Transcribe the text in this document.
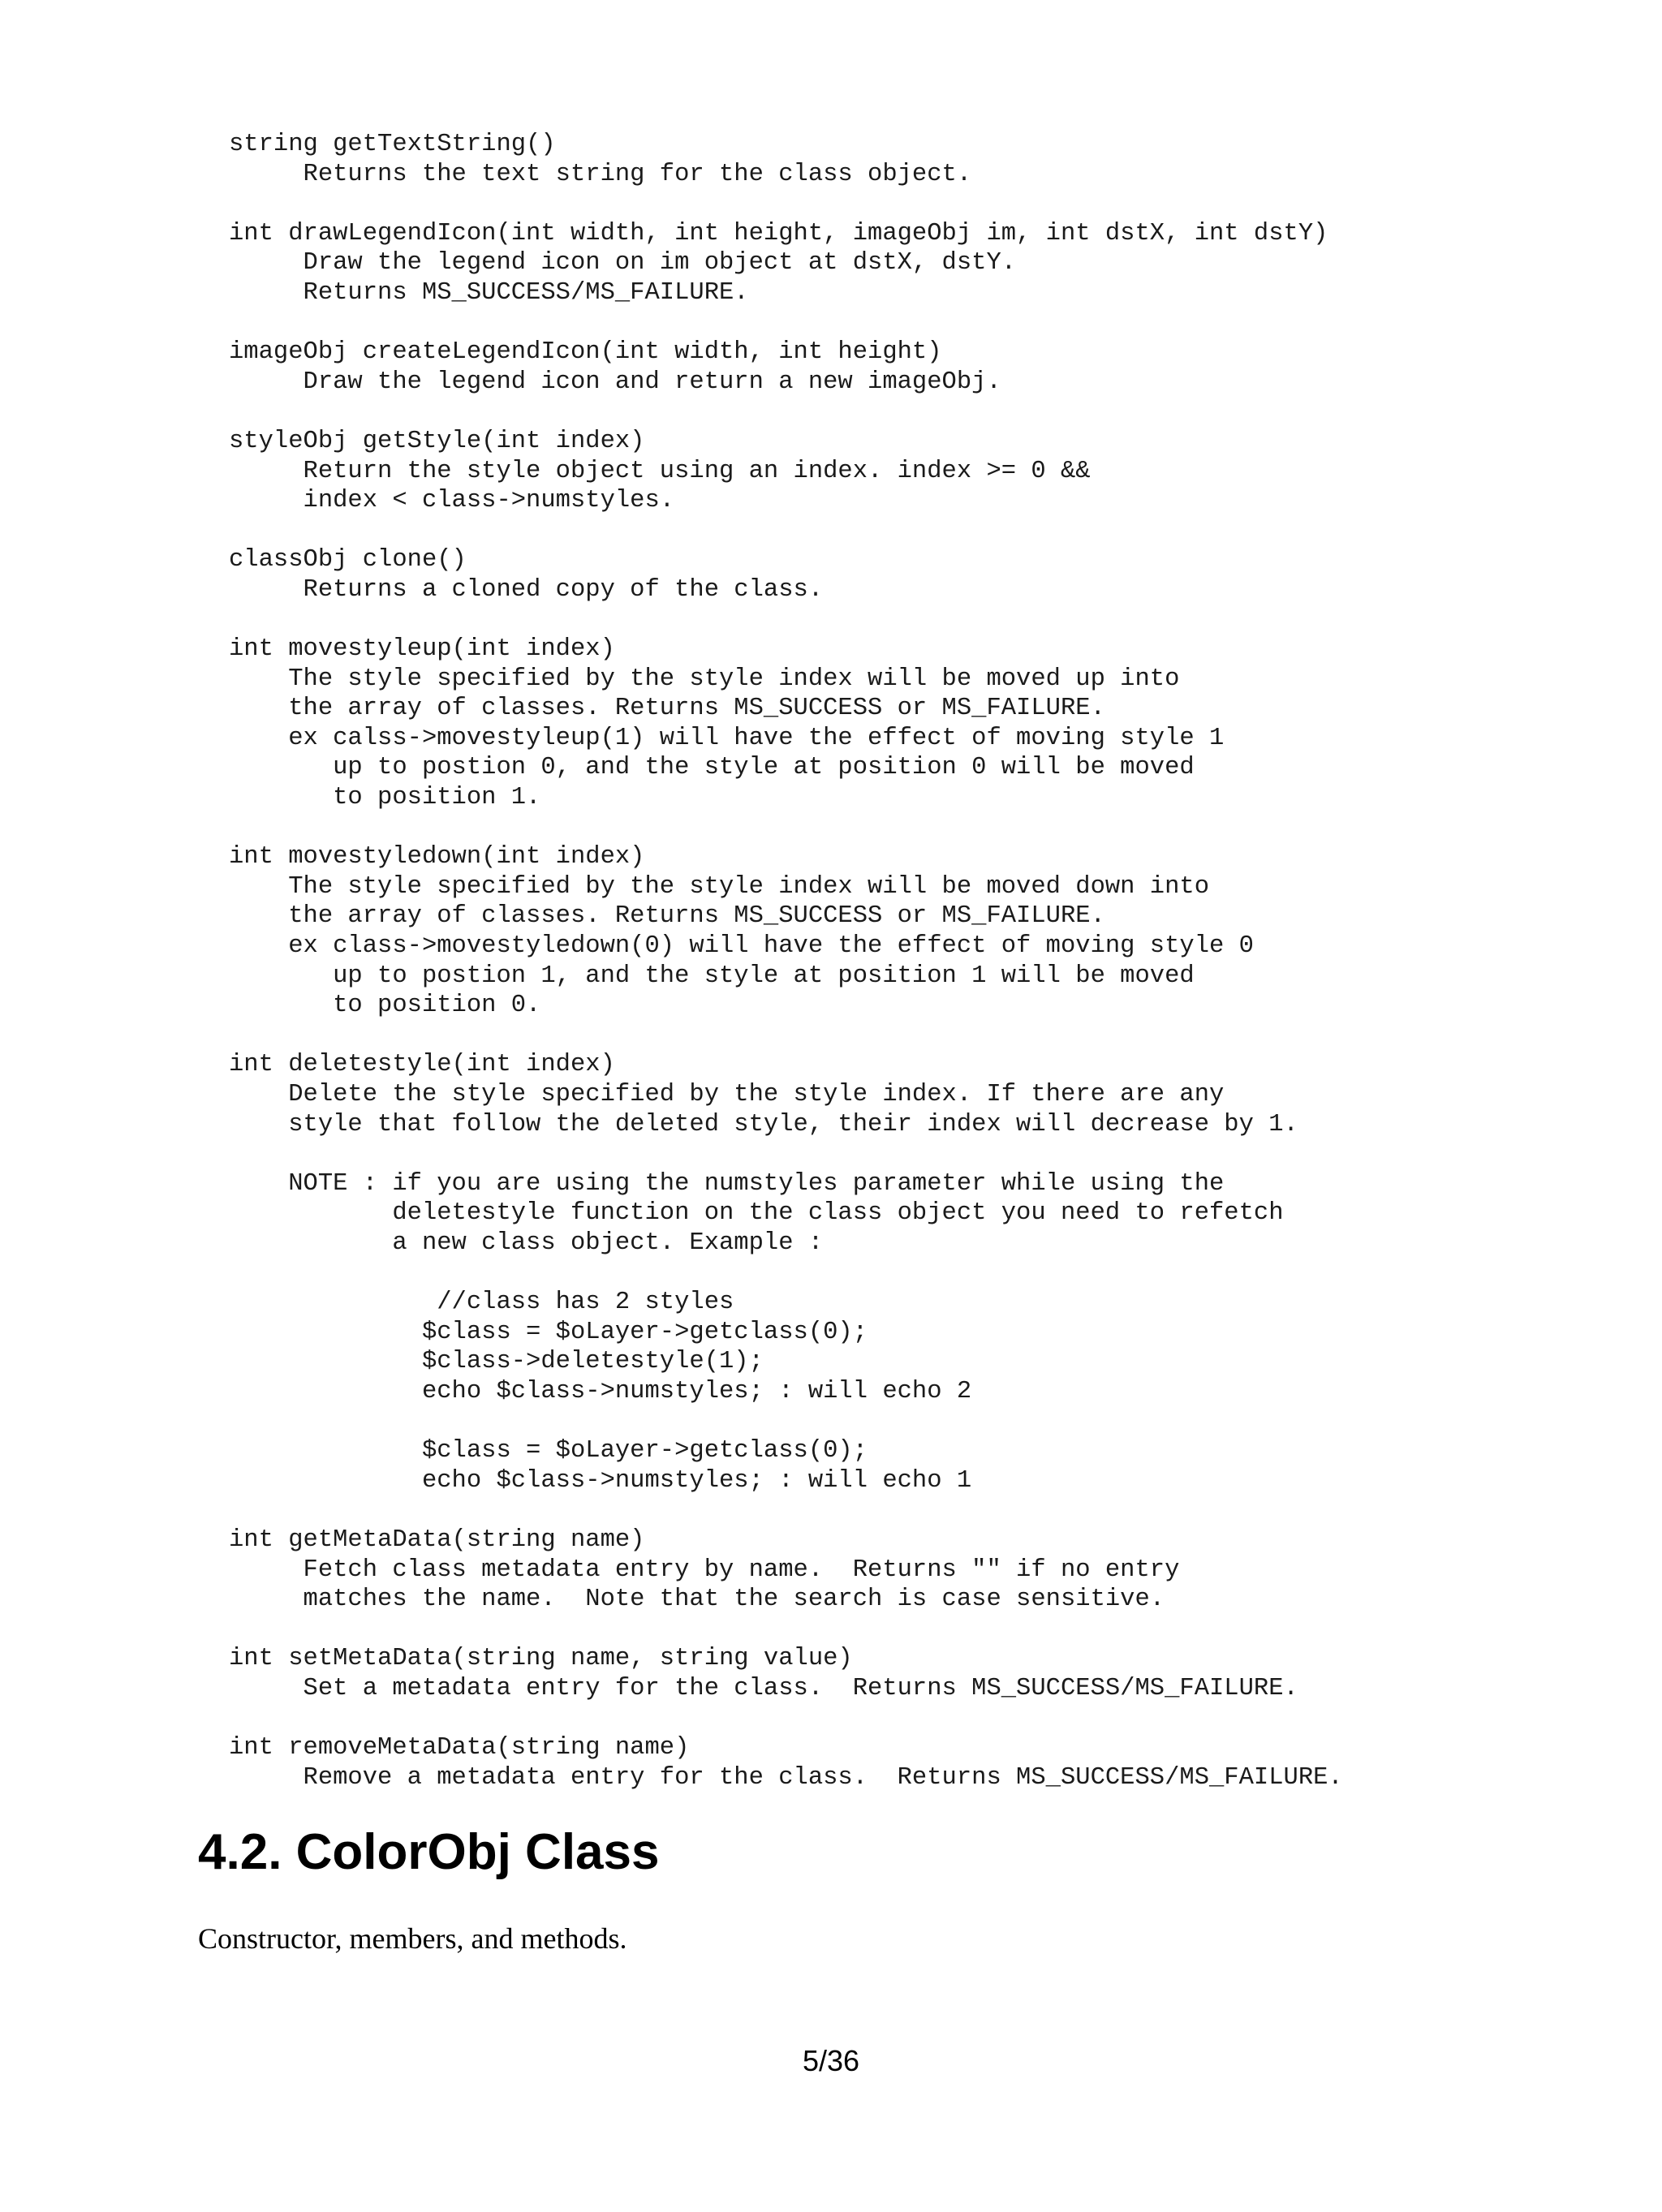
string getTextString()
Returns the text string for the class object.
int drawLegendIcon(int width, int height, imageObj im, int dstX, int dstY)
Draw the legend icon on im object at dstX, dstY.
Returns MS_SUCCESS/MS_FAILURE.
imageObj createLegendIcon(int width, int height)
Draw the legend icon and return a new imageObj.
styleObj getStyle(int index)
Return the style object using an index. index >= 0 &&
index < class->numstyles.
classObj clone()
Returns a cloned copy of the class.
int movestyleup(int index)
The style specified by the style index will be moved up into
the array of classes. Returns MS_SUCCESS or MS_FAILURE.
ex calss->movestyleup(1) will have the effect of moving style 1
up to postion 0, and the style at position 0 will be moved
to position 1.
int movestyledown(int index)
The style specified by the style index will be moved down into
the array of classes. Returns MS_SUCCESS or MS_FAILURE.
ex class->movestyledown(0) will have the effect of moving style 0
up to postion 1, and the style at position 1 will be moved
to position 0.
int deletestyle(int index)
Delete the style specified by the style index. If there are any
style that follow the deleted style, their index will decrease by 1.
NOTE : if you are using the numstyles parameter while using the
deletestyle function on the class object you need to refetch
a new class object. Example :
//class has 2 styles
$class = $oLayer->getclass(0);
$class->deletestyle(1);
echo $class->numstyles; : will echo 2
$class = $oLayer->getclass(0);
echo $class->numstyles; : will echo 1
int getMetaData(string name)
Fetch class metadata entry by name.  Returns "" if no entry
matches the name.  Note that the search is case sensitive.
int setMetaData(string name, string value)
Set a metadata entry for the class.  Returns MS_SUCCESS/MS_FAILURE.
int removeMetaData(string name)
Remove a metadata entry for the class.  Returns MS_SUCCESS/MS_FAILURE.
4.2. ColorObj Class

Constructor, members, and methods.

5/36
